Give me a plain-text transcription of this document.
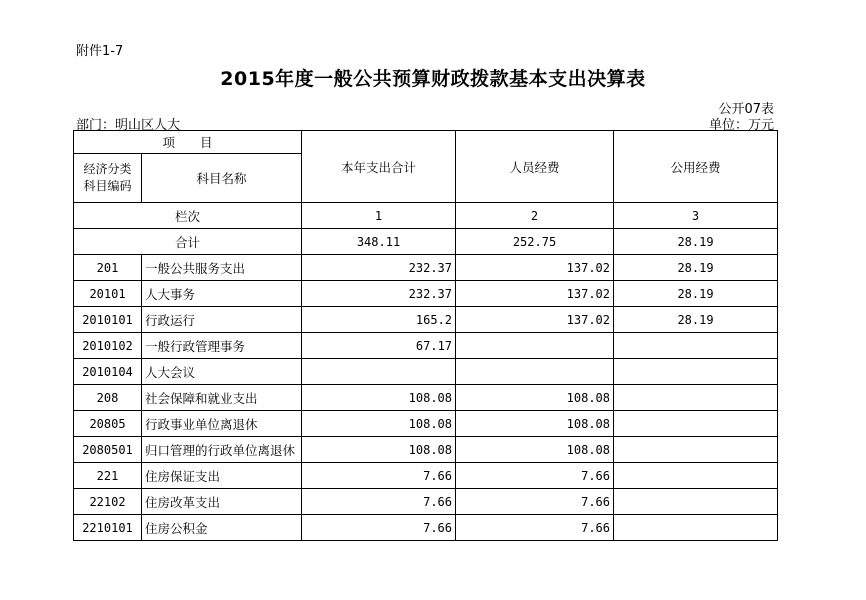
附件1-7
2015年度一般公共预算财政拨款基本支出决算表
公开07表
部门：明山区人大	单位：万元
项　　目		本年支出合计	人员经费	公用经费

经济分类
科目编码	科目名称			
栏次		1	2	3
合计		348.11	252.75	28.19
201	一般公共服务支出	232.37	137.02	28.19
20101	人大事务	232.37	137.02	28.19
2010101	行政运行	165.2	137.02	28.19
2010102	一般行政管理事务	67.17		
2010104	人大会议			
208	社会保障和就业支出	108.08	108.08	
20805	行政事业单位离退休	108.08	108.08	
2080501	归口管理的行政单位离退休	108.08	108.08	
221	住房保证支出	7.66	7.66	
22102	住房改革支出	7.66	7.66	
2210101	住房公积金	7.66	7.66	
